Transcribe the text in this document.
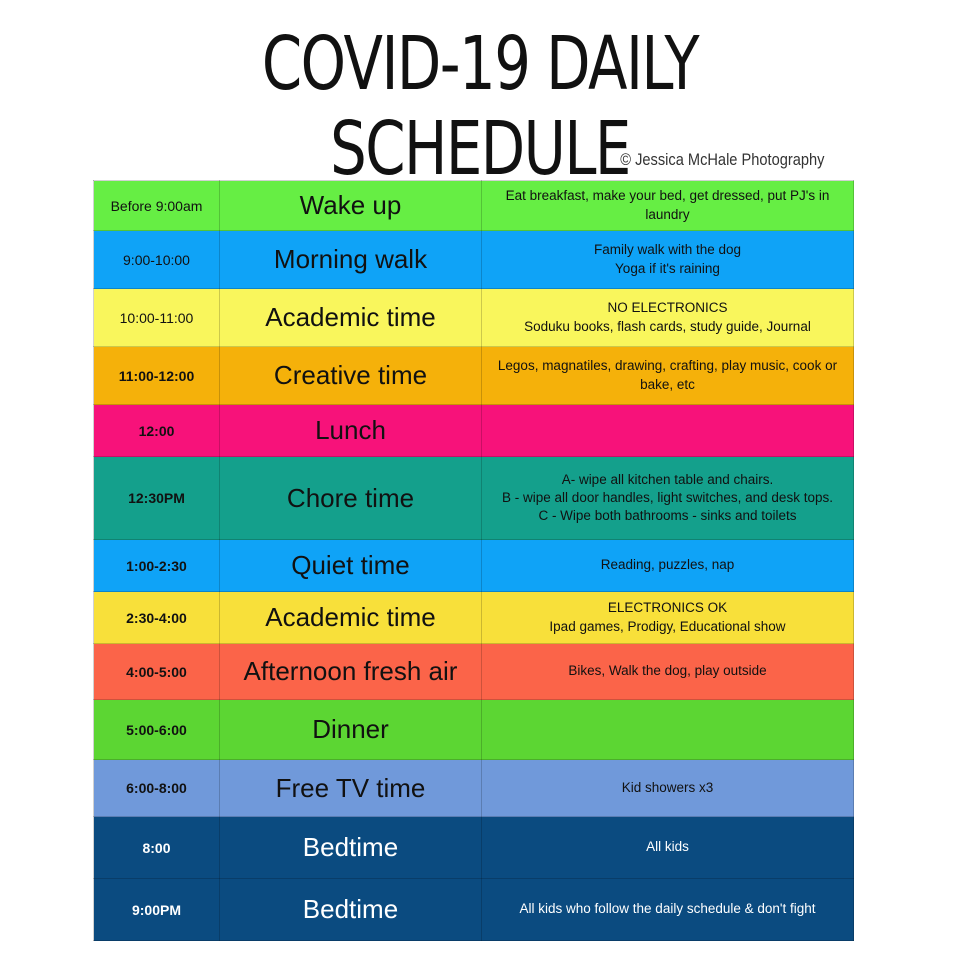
COVID-19 DAILY SCHEDULE
© Jessica McHale Photography
Before 9:00am	Wake up	Eat breakfast, make your bed, get dressed, put PJ's in laundry

9:00-10:00	Morning walk	Family walk with the dog
Yoga if it's raining

10:00-11:00	Academic time	NO ELECTRONICS
Soduku books, flash cards, study guide, Journal

11:00-12:00	Creative time	Legos, magnatiles, drawing, crafting, play music, cook or bake, etc

12:00	Lunch	
12:30PM	Chore time	A- wipe all kitchen table and chairs.
B - wipe all door handles, light switches, and desk tops.
C - Wipe both bathrooms - sinks and toilets

1:00-2:30	Quiet time	Reading, puzzles, nap

2:30-4:00	Academic time	ELECTRONICS OK
Ipad games, Prodigy, Educational show

4:00-5:00	Afternoon fresh air	Bikes, Walk the dog, play outside

5:00-6:00	Dinner	
6:00-8:00	Free TV time	Kid showers x3

8:00	Bedtime	All kids

9:00PM	Bedtime	All kids who follow the daily schedule & don't fight
